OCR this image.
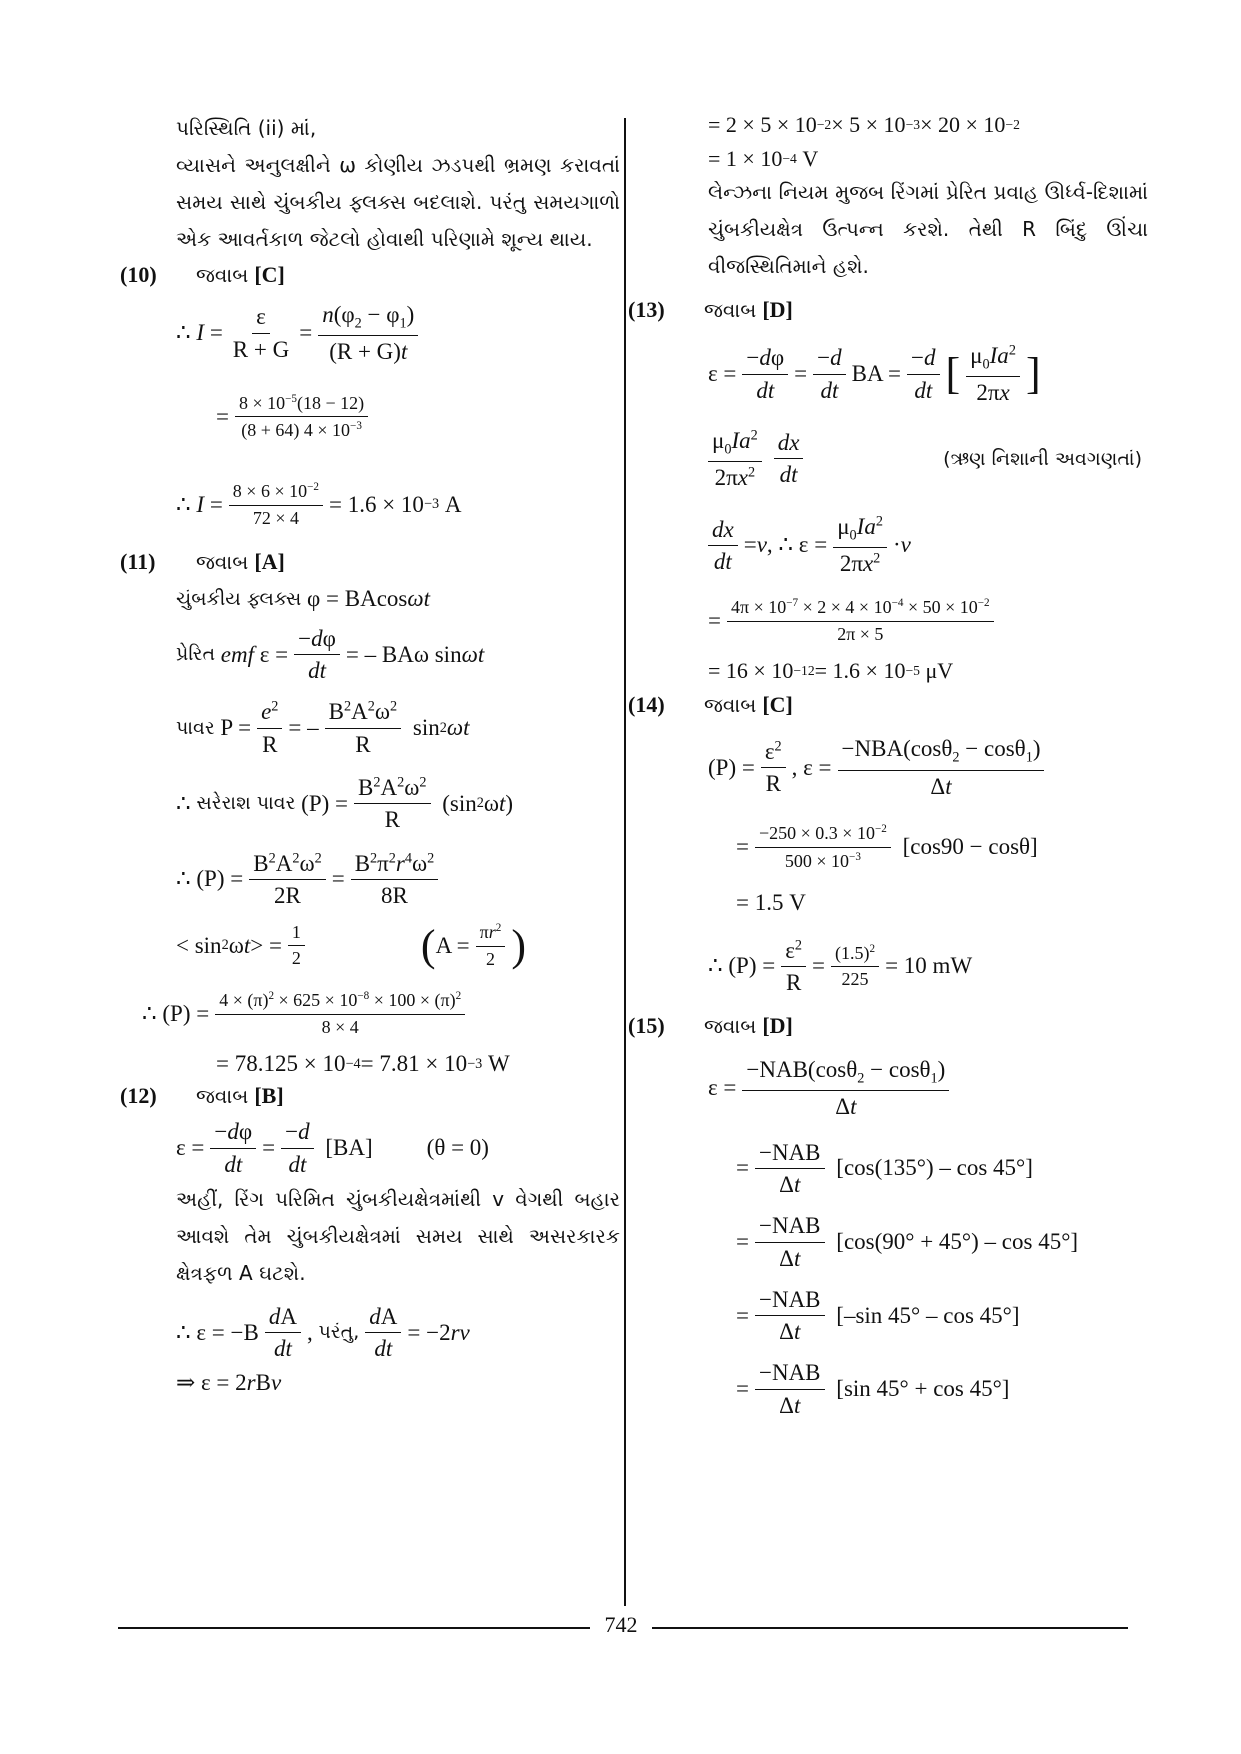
પરિસ્થિતિ (ii) માં,

વ્યાસને અનુલક્ષીને ω કોણીય ઝડપથી ભ્રમણ કરાવતાં સમય સાથે ચુંબકીય ફ્લક્સ બદલાશે. પરંતુ સમયગાળો એક આવર્તકાળ જેટલો હોવાથી પરિણામે શૂન્ય થાય.

(10)	જવાબ [C]
∴ $I = \frac{\varepsilon}{R + G} = \frac{n(\varphi_2 - \varphi_1)}{(R + G)t}$
= $\frac{8 \times 10^{-5}(18 - 12)}{(8 + 64) 4 \times 10^{-3}}$
∴ $I = \frac{8 \times 6 \times 10^{-2}}{72 \times 4} = 1.6 \times 10 -3$ A
(11)	જવાબ [A]
ચુંબકીય ફ્લક્સ φ = BAcos ωt
પ્રેરિત
emf $\varepsilon = \frac{-d\varphi}{dt}$ = – BAω sin ωt
પાવર $P = \frac{e^2}{R}$ = – $\frac{B^2A^2\omega^2}{R}$ sin 2 ωt
∴ સરેરાશ પાવર $(P) = \frac{B^2A^2\omega^2}{R} (\sin$ 2 ω t )
∴ $(P) = \frac{B^2A^2\omega^2}{2R} = \frac{B^2\pi^2r^4\omega^2}{8R}$
< sin 2 ω t > = $\frac{1}{2}$	( $A = \frac{\pi r^2}{2}$ )
∴ $(P) = \frac{4 \times (\pi)^2 \times 625 \times 10^{-8} \times 100 \times (\pi)^2}{8 \times 4}$
= 78.125 × 10 −4 = 7.81 × 10 −3 W
(12)	જવાબ [B]
$\varepsilon = \frac{-d\varphi}{dt} = \frac{-d}{dt} [BA] (\theta = 0)$
અહીં, રિંગ પરિમિત ચુંબકીયક્ષેત્રમાંથી v વેગથી બહાર આવશે તેમ ચુંબકીયક્ષેત્રમાં સમય સાથે અસરકારક ક્ષેત્રફળ A ઘટશે.
∴ $\varepsilon = -B \frac{dA}{dt}$ , પરંતુ, $\frac{dA}{dt} = -2$ rv
⇒ ε = 2 r B v
= 2 × 5 × 10 −2 × 5 × 10 −3 × 20 × 10 −2
= 1 × 10 −4 V
લેન્ઝના નિયમ મુજબ રિંગમાં પ્રેરિત પ્રવાહ ઊર્ધ્વ-દિશામાં ચુંબકીયક્ષેત્ર ઉત્પન્ન કરશે. તેથી R બિંદુ ઊંચા વીજસ્થિતિમાને હશે.
(13)	જવાબ [D]
$\varepsilon = \frac{-d\varphi}{dt} = \frac{-d}{dt}$ BA = $\frac{-d}{dt}$ [ $\frac{\mu_0Ia^2}{2\pi x}$ ]
$\frac{\mu_0Ia^2}{2\pi x^2} \frac{dx}{dt}$	(ઋણ નિશાની અવગણતાં)
$\frac{dx}{dt} = v$ , ∴ $\varepsilon = \frac{\mu_0Ia^2}{2\pi x^2} \cdot v$
= $\frac{4\pi \times 10^{-7} \times 2 \times 4 \times 10^{-4} \times 50 \times 10^{-2}}{2\pi \times 5}$
= 16 × 10 −12 = 1.6 × 10 −5 μV
(14)	જવાબ [C]
$(P) = \frac{\varepsilon^2}{R}$ , $\varepsilon = \frac{-NBA(\cos\theta_2 - \cos\theta_1)}{\Delta t}$
= $\frac{-250 \times 0.3 \times 10^{-2}}{500 \times 10^{-3}} [\cos 90 - \cos\theta]$
= 1.5 V
∴ $(P) = \frac{\varepsilon^2}{R} = \frac{(1.5)^2}{225} = 10$ mW
(15)	જવાબ [D]
$\varepsilon = \frac{-NAB(\cos\theta_2 - \cos\theta_1)}{\Delta t}$
= $\frac{\text{−NAB}}{\Delta t} [\cos(135^\circ)$ – cos 45°]
= $\frac{\text{−NAB}}{\Delta t} [\cos(90^\circ + 45^\circ) - \cos 45^\circ]$
= $\frac{\text{−NAB}}{\Delta t} [-\sin$ 45° – cos 45°]
= $\frac{\text{−NAB}}{\Delta t} [\sin$ 45° + cos 45°]
742
